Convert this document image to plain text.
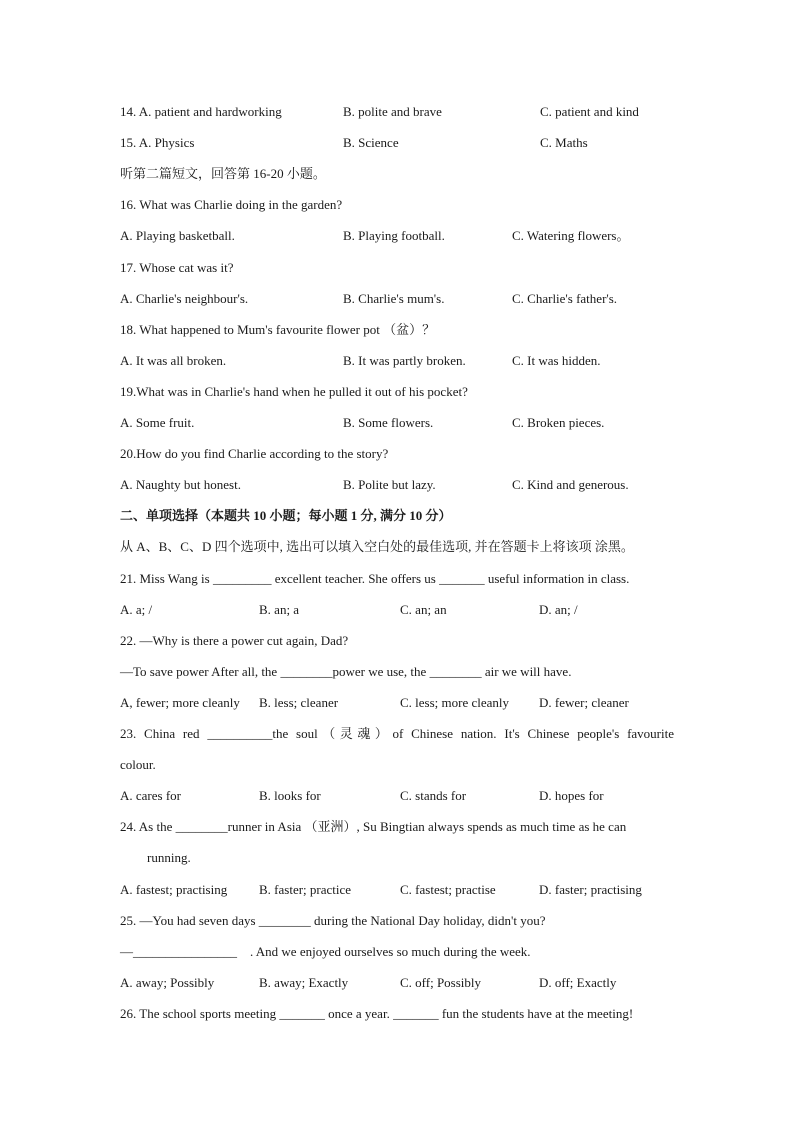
14. A. patient and hardworking	B. polite and brave	C. patient and kind
15. A. Physics	B. Science	C. Maths
听第二篇短文，回答第 16-20 小题。
16. What was Charlie doing in the garden?
A. Playing basketball.	B. Playing football.	C. Watering flowers。
17. Whose cat was it?
A. Charlie's neighbour's.	B. Charlie's mum's.	C. Charlie's father's.
18. What happened to Mum's favourite flower pot （盆）？
A. It was all broken.	B. It was partly broken.	C. It was hidden.
19.What was in Charlie's hand when he pulled it out of his pocket?
A. Some fruit.	B. Some flowers.	C. Broken pieces.
20.How do you find Charlie according to the story?
A. Naughty but honest.	B. Polite but lazy.	C. Kind and generous.
二、单项选择（本题共 10 小题；每小题 1 分, 满分 10 分）
从 A、B、C、D 四个选项中, 选出可以填入空白处的最佳选项, 并在答题卡上将该项 涂黑。
21. Miss Wang is _________ excellent teacher. She offers us _______ useful information in class.
A. a; /	B. an; a	C. an; an	D. an; /
22. —Why is there a power cut again, Dad?
—To save power After all, the ________power we use, the ________ air we will have.
A, fewer; more cleanly B. less; cleaner	C. less; more cleanly D. fewer; cleaner
23. China red __________the soul（灵魂）of Chinese nation. It's Chinese people's favourite
colour.
A. cares for	B. looks for	C. stands for	D. hopes for
24. As the ________runner in Asia （亚洲）, Su Bingtian always spends as much time as he can
running.
A. fastest; practising B. faster; practice	C. fastest; practise	D. faster; practising
25. —You had seven days ________ during the National Day holiday, didn't you?
—________________　. And we enjoyed ourselves so much during the week.
A. away; Possibly	B. away; Exactly	C. off; Possibly	D. off; Exactly
26. The school sports meeting _______ once a year. _______ fun the students have at the meeting!
